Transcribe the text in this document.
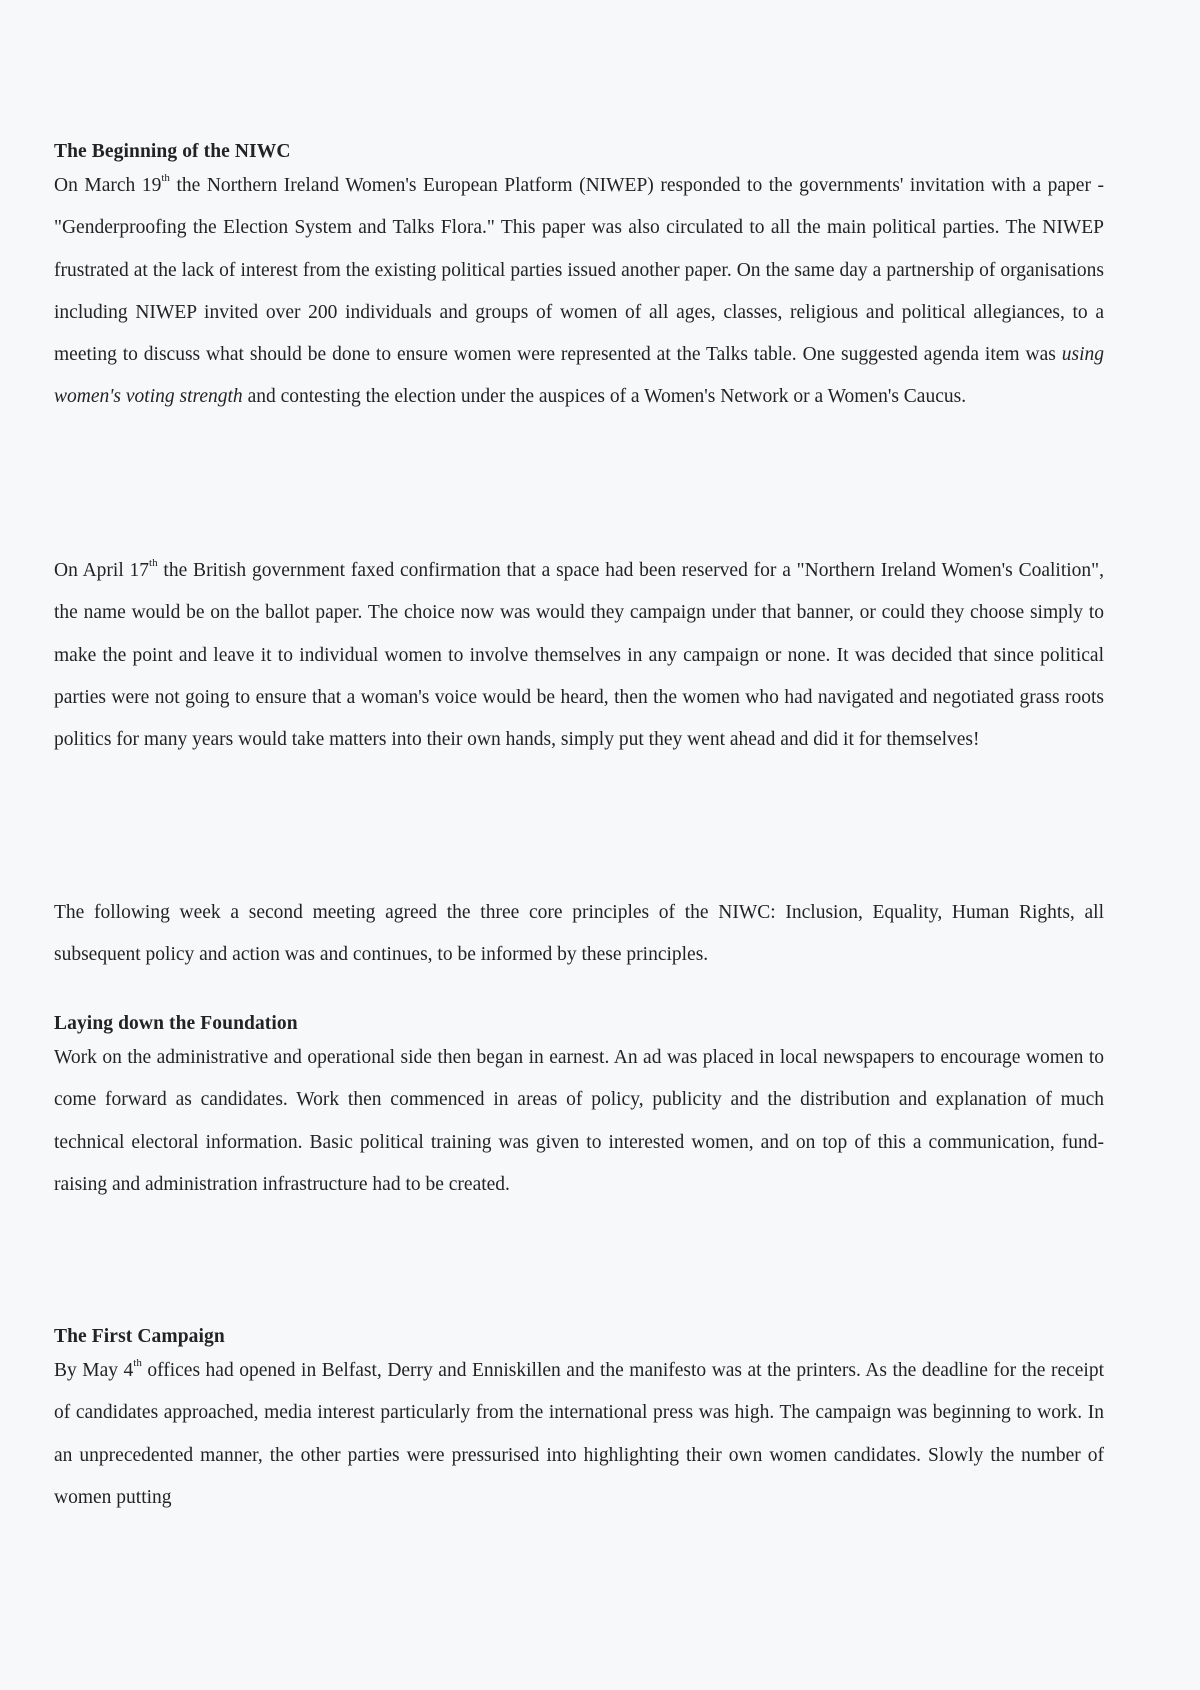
The Beginning of the NIWC

On March 19th the Northern Ireland Women's European Platform (NIWEP) responded to the governments' invitation with a paper - "Genderproofing the Election System and Talks Flora." This paper was also circulated to all the main political parties. The NIWEP frustrated at the lack of interest from the existing political parties issued another paper. On the same day a partnership of organisations including NIWEP invited over 200 individuals and groups of women of all ages, classes, religious and political allegiances, to a meeting to discuss what should be done to ensure women were represented at the Talks table. One suggested agenda item was using women's voting strength and contesting the election under the auspices of a Women's Network or a Women's Caucus.

On April 17th the British government faxed confirmation that a space had been reserved for a "Northern Ireland Women's Coalition", the name would be on the ballot paper. The choice now was would they campaign under that banner, or could they choose simply to make the point and leave it to individual women to involve themselves in any campaign or none. It was decided that since political parties were not going to ensure that a woman's voice would be heard, then the women who had navigated and negotiated grass roots politics for many years would take matters into their own hands, simply put they went ahead and did it for themselves!

The following week a second meeting agreed the three core principles of the NIWC: Inclusion, Equality, Human Rights, all subsequent policy and action was and continues, to be informed by these principles.

Laying down the Foundation

Work on the administrative and operational side then began in earnest. An ad was placed in local newspapers to encourage women to come forward as candidates. Work then commenced in areas of policy, publicity and the distribution and explanation of much technical electoral information. Basic political training was given to interested women, and on top of this a communication, fund-raising and administration infrastructure had to be created.

The First Campaign

By May 4th offices had opened in Belfast, Derry and Enniskillen and the manifesto was at the printers. As the deadline for the receipt of candidates approached, media interest particularly from the international press was high. The campaign was beginning to work. In an unprecedented manner, the other parties were pressurised into highlighting their own women candidates. Slowly the number of women putting
